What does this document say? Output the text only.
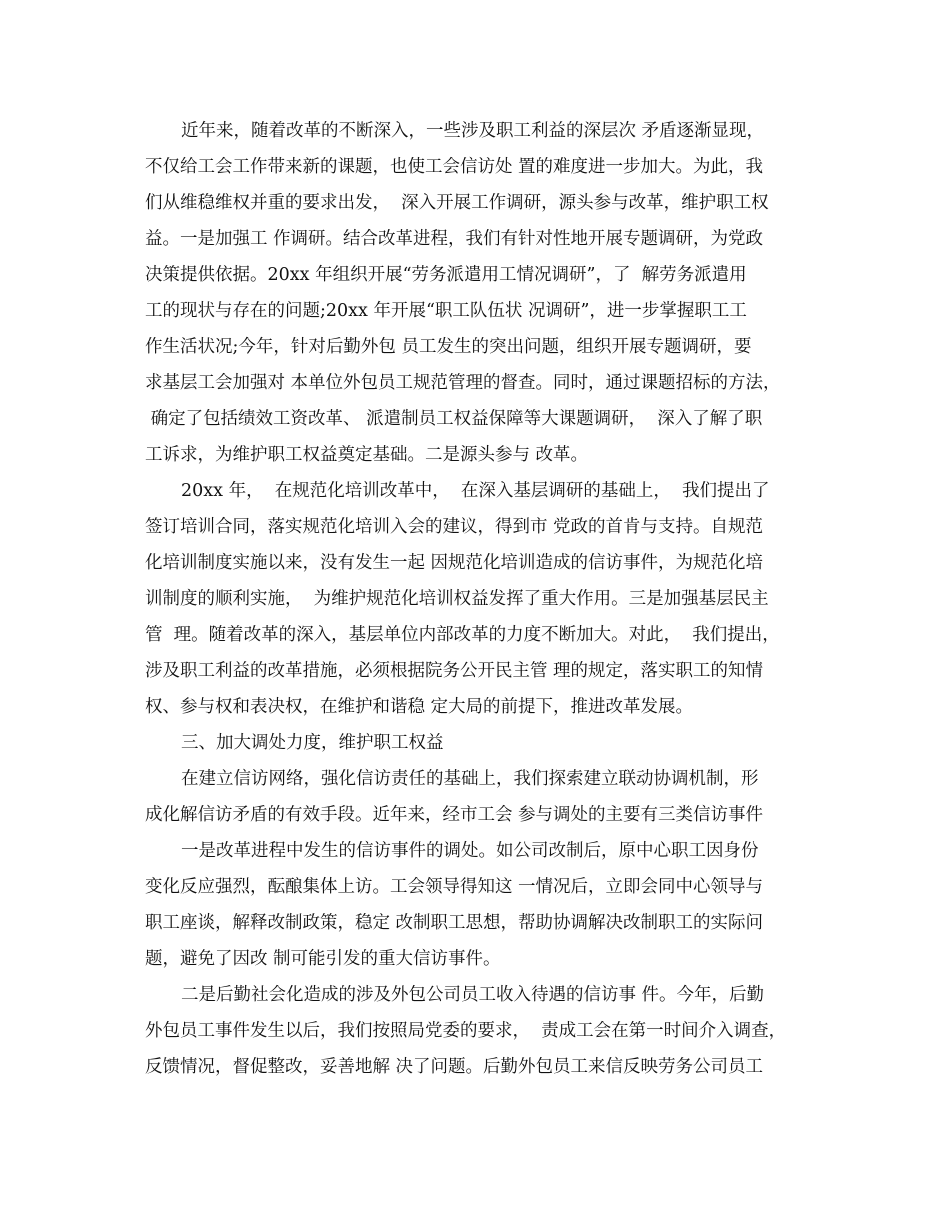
近年来，随着改革的不断深入，一些涉及职工利益的深层次 矛盾逐渐显现，
不仅给工会工作带来新的课题，也使工会信访处 置的难度进一步加大。为此，我
们从维稳维权并重的要求出发，  深入开展工作调研，源头参与改革，维护职工权
益。一是加强工 作调研。结合改革进程，我们有针对性地开展专题调研，为党政
决策提供依据。20xx 年组织开展“劳务派遣用工情况调研”，了  解劳务派遣用
工的现状与存在的问题;20xx 年开展“职工队伍状 况调研”，进一步掌握职工工
作生活状况;今年，针对后勤外包 员工发生的突出问题，组织开展专题调研，要
求基层工会加强对 本单位外包员工规范管理的督查。同时，通过课题招标的方法，
确定了包括绩效工资改革、 派遣制员工权益保障等大课题调研，  深入了解了职
工诉求，为维护职工权益奠定基础。二是源头参与 改革。
20xx 年，  在规范化培训改革中，  在深入基层调研的基础上，  我们提出了
签订培训合同，落实规范化培训入会的建议，得到市 党政的首肯与支持。自规范
化培训制度实施以来，没有发生一起 因规范化培训造成的信访事件，为规范化培
训制度的顺利实施，  为维护规范化培训权益发挥了重大作用。三是加强基层民主
管  理。随着改革的深入，基层单位内部改革的力度不断加大。对此，  我们提出，
涉及职工利益的改革措施，必须根据院务公开民主管 理的规定，落实职工的知情
权、参与权和表决权，在维护和谐稳 定大局的前提下，推进改革发展。
三、加大调处力度，维护职工权益
在建立信访网络，强化信访责任的基础上，我们探索建立联动协调机制，形
成化解信访矛盾的有效手段。近年来，经市工会 参与调处的主要有三类信访事件
一是改革进程中发生的信访事件的调处。如公司改制后，原中心职工因身份
变化反应强烈，酝酿集体上访。工会领导得知这 一情况后，立即会同中心领导与
职工座谈，解释改制政策，稳定 改制职工思想，帮助协调解决改制职工的实际问
题，避免了因改 制可能引发的重大信访事件。
二是后勤社会化造成的涉及外包公司员工收入待遇的信访事 件。今年，后勤
外包员工事件发生以后，我们按照局党委的要求，  责成工会在第一时间介入调查，
反馈情况，督促整改，妥善地解 决了问题。后勤外包员工来信反映劳务公司员工
